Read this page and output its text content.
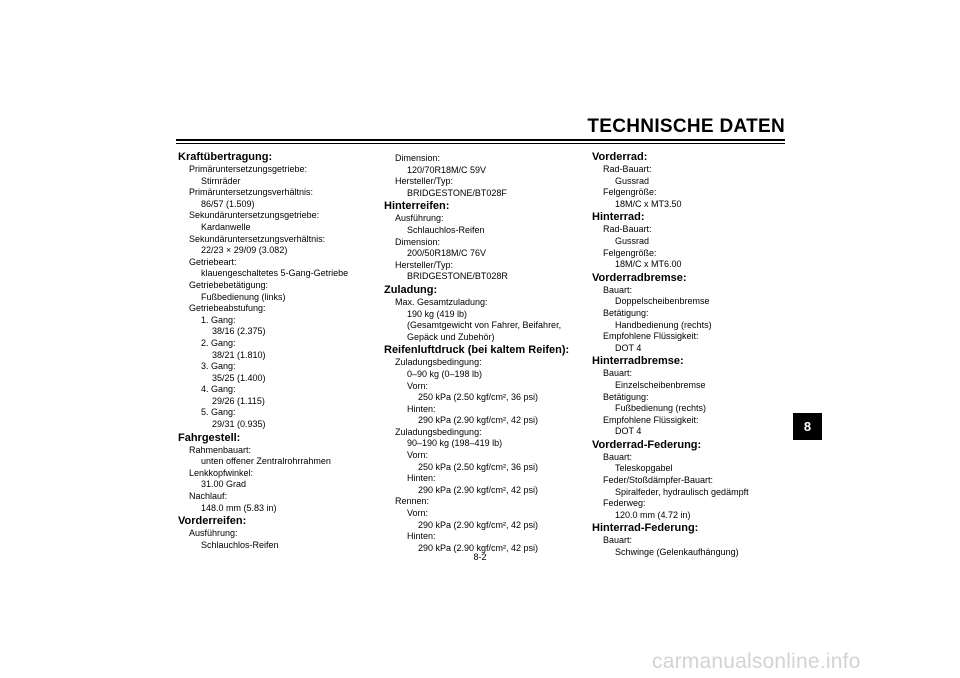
TECHNISCHE DATEN
Kraftübertragung:
Primäruntersetzungsgetriebe:
Stirnräder
Primäruntersetzungsverhältnis:
86/57 (1.509)
Sekundäruntersetzungsgetriebe:
Kardanwelle
Sekundäruntersetzungsverhältnis:
22/23 × 29/09 (3.082)
Getriebeart:
klauengeschaltetes 5-Gang-Getriebe
Getriebebetätigung:
Fußbedienung (links)
Getriebeabstufung:
1. Gang:
38/16 (2.375)
2. Gang:
38/21 (1.810)
3. Gang:
35/25 (1.400)
4. Gang:
29/26 (1.115)
5. Gang:
29/31 (0.935)
Fahrgestell:
Rahmenbauart:
unten offener Zentralrohrrahmen
Lenkkopfwinkel:
31.00 Grad
Nachlauf:
148.0 mm (5.83 in)
Vorderreifen:
Ausführung:
Schlauchlos-Reifen
Dimension:
120/70R18M/C 59V
Hersteller/Typ:
BRIDGESTONE/BT028F
Hinterreifen:
Ausführung:
Schlauchlos-Reifen
Dimension:
200/50R18M/C 76V
Hersteller/Typ:
BRIDGESTONE/BT028R
Zuladung:
Max. Gesamtzuladung:
190 kg (419 lb)
(Gesamtgewicht von Fahrer, Beifahrer,
Gepäck und Zubehör)
Reifenluftdruck (bei kaltem Reifen):
Zuladungsbedingung:
0–90 kg (0–198 lb)
Vorn:
250 kPa (2.50 kgf/cm², 36 psi)
Hinten:
290 kPa (2.90 kgf/cm², 42 psi)
Zuladungsbedingung:
90–190 kg (198–419 lb)
Vorn:
250 kPa (2.50 kgf/cm², 36 psi)
Hinten:
290 kPa (2.90 kgf/cm², 42 psi)
Rennen:
Vorn:
290 kPa (2.90 kgf/cm², 42 psi)
Hinten:
290 kPa (2.90 kgf/cm², 42 psi)
Vorderrad:
Rad-Bauart:
Gussrad
Felgengröße:
18M/C x MT3.50
Hinterrad:
Rad-Bauart:
Gussrad
Felgengröße:
18M/C x MT6.00
Vorderradbremse:
Bauart:
Doppelscheibenbremse
Betätigung:
Handbedienung (rechts)
Empfohlene Flüssigkeit:
DOT 4
Hinterradbremse:
Bauart:
Einzelscheibenbremse
Betätigung:
Fußbedienung (rechts)
Empfohlene Flüssigkeit:
DOT 4
Vorderrad-Federung:
Bauart:
Teleskopgabel
Feder/Stoßdämpfer-Bauart:
Spiralfeder, hydraulisch gedämpft
Federweg:
120.0 mm (4.72 in)
Hinterrad-Federung:
Bauart:
Schwinge (Gelenkaufhängung)
8
8-2
carmanualsonline.info
